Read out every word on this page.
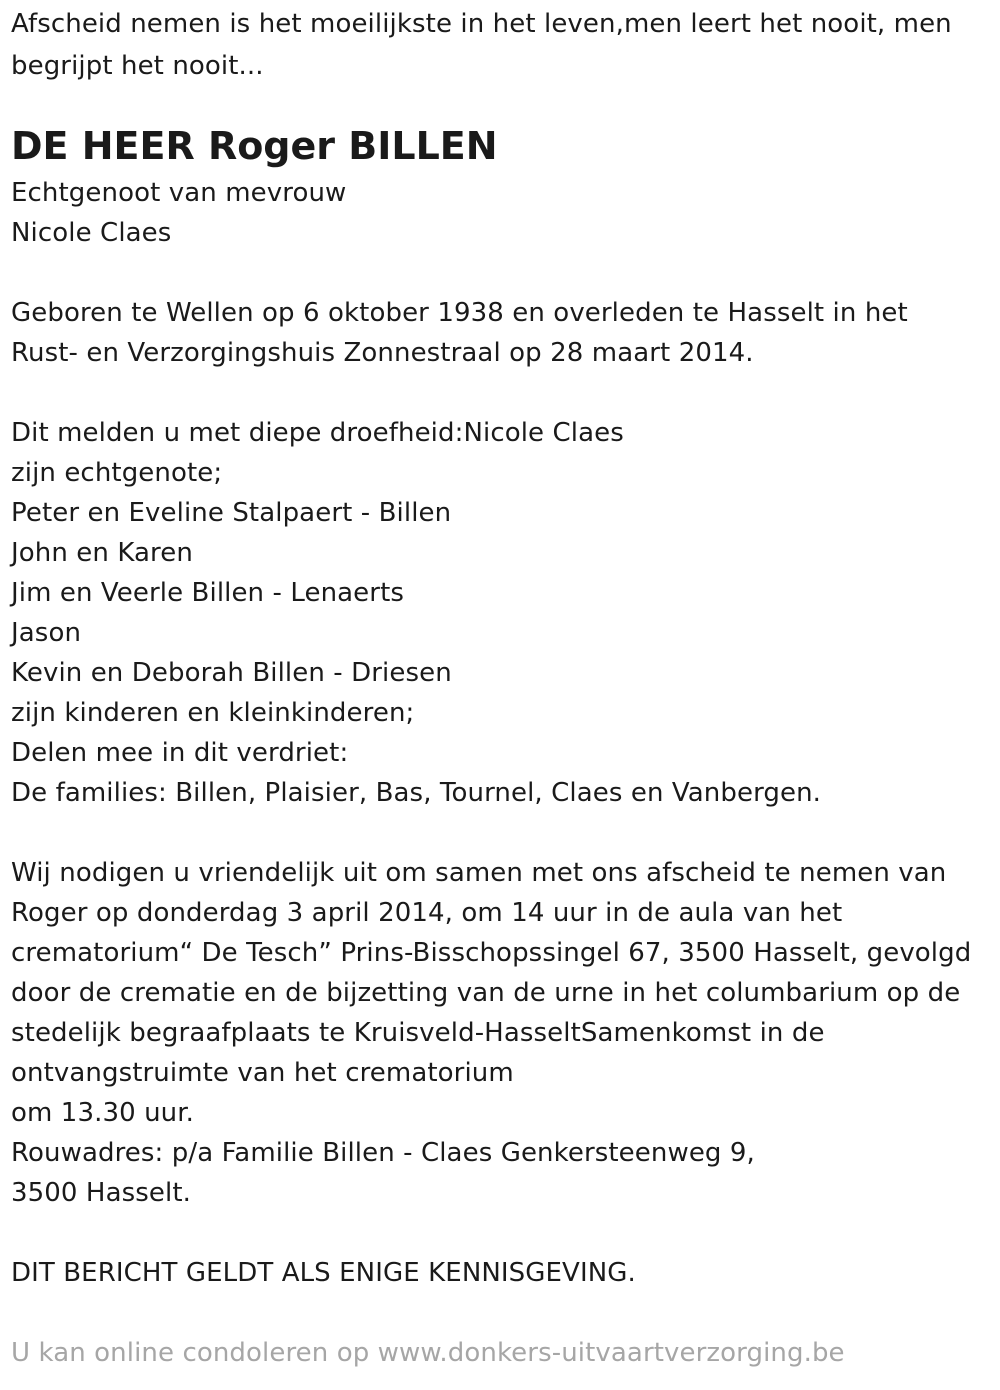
Afscheid nemen is het moeilijkste in het leven,men leert het nooit, men
begrijpt het nooit...
DE HEER Roger BILLEN
Echtgenoot van mevrouw
Nicole Claes
Geboren te Wellen op 6 oktober 1938 en overleden te Hasselt in het
Rust- en Verzorgingshuis Zonnestraal op 28 maart 2014.
Dit melden u met diepe droefheid:Nicole Claes
zijn echtgenote;
Peter en Eveline Stalpaert - Billen
John en Karen
Jim en Veerle Billen - Lenaerts
Jason
Kevin en Deborah Billen - Driesen
zijn kinderen en kleinkinderen;
Delen mee in dit verdriet:
De families: Billen, Plaisier, Bas, Tournel, Claes en Vanbergen.
Wij nodigen u vriendelijk uit om samen met ons afscheid te nemen van
Roger op donderdag 3 april 2014, om 14 uur in de aula van het
crematorium“ De Tesch” Prins-Bisschopssingel 67, 3500 Hasselt, gevolgd
door de crematie en de bijzetting van de urne in het columbarium op de
stedelijk begraafplaats te Kruisveld-HasseltSamenkomst in de
ontvangstruimte van het crematorium
om 13.30 uur.
Rouwadres: p/a Familie Billen - Claes Genkersteenweg 9,
3500 Hasselt.
DIT BERICHT GELDT ALS ENIGE KENNISGEVING.
U kan online condoleren op www.donkers-uitvaartverzorging.be
